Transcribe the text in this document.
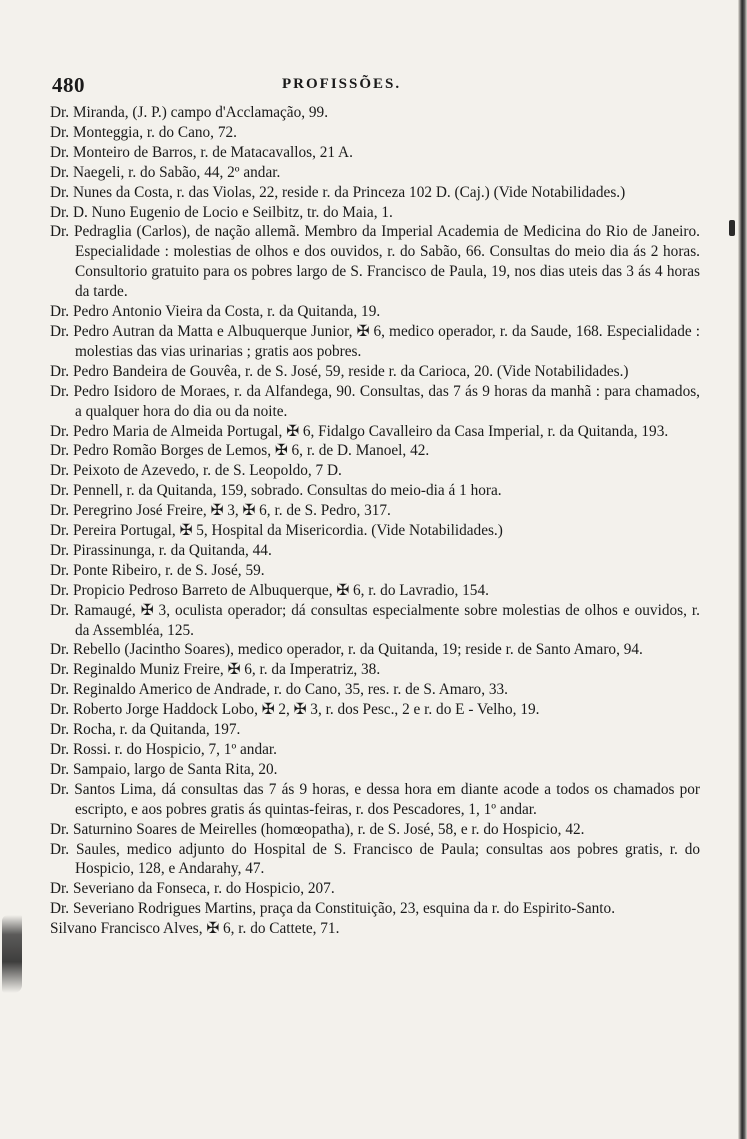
480	PROFISSÕES.
Dr. Miranda, (J. P.) campo d'Acclamação, 99.
Dr. Monteggia, r. do Cano, 72.
Dr. Monteiro de Barros, r. de Matacavallos, 21 A.
Dr. Naegeli, r. do Sabão, 44, 2º andar.
Dr. Nunes da Costa, r. das Violas, 22, reside r. da Princeza 102 D. (Caj.) (Vide Notabilidades.)
Dr. D. Nuno Eugenio de Locio e Seilbitz, tr. do Maia, 1.
Dr. Pedraglia (Carlos), de nação allemã. Membro da Imperial Academia de Medicina do Rio de Janeiro. Especialidade : molestias de olhos e dos ouvidos, r. do Sabão, 66. Consultas do meio dia ás 2 horas. Consultorio gratuito para os pobres largo de S. Francisco de Paula, 19, nos dias uteis das 3 ás 4 horas da tarde.
Dr. Pedro Antonio Vieira da Costa, r. da Quitanda, 19.
Dr. Pedro Autran da Matta e Albuquerque Junior, ✠ 6, medico operador, r. da Saude, 168. Especialidade : molestias das vias urinarias ; gratis aos pobres.
Dr. Pedro Bandeira de Gouvêa, r. de S. José, 59, reside r. da Carioca, 20. (Vide Notabilidades.)
Dr. Pedro Isidoro de Moraes, r. da Alfandega, 90. Consultas, das 7 ás 9 horas da manhã : para chamados, a qualquer hora do dia ou da noite.
Dr. Pedro Maria de Almeida Portugal, ✠ 6, Fidalgo Cavalleiro da Casa Imperial, r. da Quitanda, 193.
Dr. Pedro Romão Borges de Lemos, ✠ 6, r. de D. Manoel, 42.
Dr. Peixoto de Azevedo, r. de S. Leopoldo, 7 D.
Dr. Pennell, r. da Quitanda, 159, sobrado. Consultas do meio-dia á 1 hora.
Dr. Peregrino José Freire, ✠ 3, ✠ 6, r. de S. Pedro, 317.
Dr. Pereira Portugal, ✠ 5, Hospital da Misericordia. (Vide Notabilidades.)
Dr. Pirassinunga, r. da Quitanda, 44.
Dr. Ponte Ribeiro, r. de S. José, 59.
Dr. Propicio Pedroso Barreto de Albuquerque, ✠ 6, r. do Lavradio, 154.
Dr. Ramaugé, ✠ 3, oculista operador; dá consultas especialmente sobre molestias de olhos e ouvidos, r. da Assembléa, 125.
Dr. Rebello (Jacintho Soares), medico operador, r. da Quitanda, 19; reside r. de Santo Amaro, 94.
Dr. Reginaldo Muniz Freire, ✠ 6, r. da Imperatriz, 38.
Dr. Reginaldo Americo de Andrade, r. do Cano, 35, res. r. de S. Amaro, 33.
Dr. Roberto Jorge Haddock Lobo, ✠ 2, ✠ 3, r. dos Pesc., 2 e r. do E - Velho, 19.
Dr. Rocha, r. da Quitanda, 197.
Dr. Rossi. r. do Hospicio, 7, 1º andar.
Dr. Sampaio, largo de Santa Rita, 20.
Dr. Santos Lima, dá consultas das 7 ás 9 horas, e dessa hora em diante acode a todos os chamados por escripto, e aos pobres gratis ás quintas-feiras, r. dos Pescadores, 1, 1º andar.
Dr. Saturnino Soares de Meirelles (homœopatha), r. de S. José, 58, e r. do Hospicio, 42.
Dr. Saules, medico adjunto do Hospital de S. Francisco de Paula; consultas aos pobres gratis, r. do Hospicio, 128, e Andarahy, 47.
Dr. Severiano da Fonseca, r. do Hospicio, 207.
Dr. Severiano Rodrigues Martins, praça da Constituição, 23, esquina da r. do Espirito-Santo.
Silvano Francisco Alves, ✠ 6, r. do Cattete, 71.
